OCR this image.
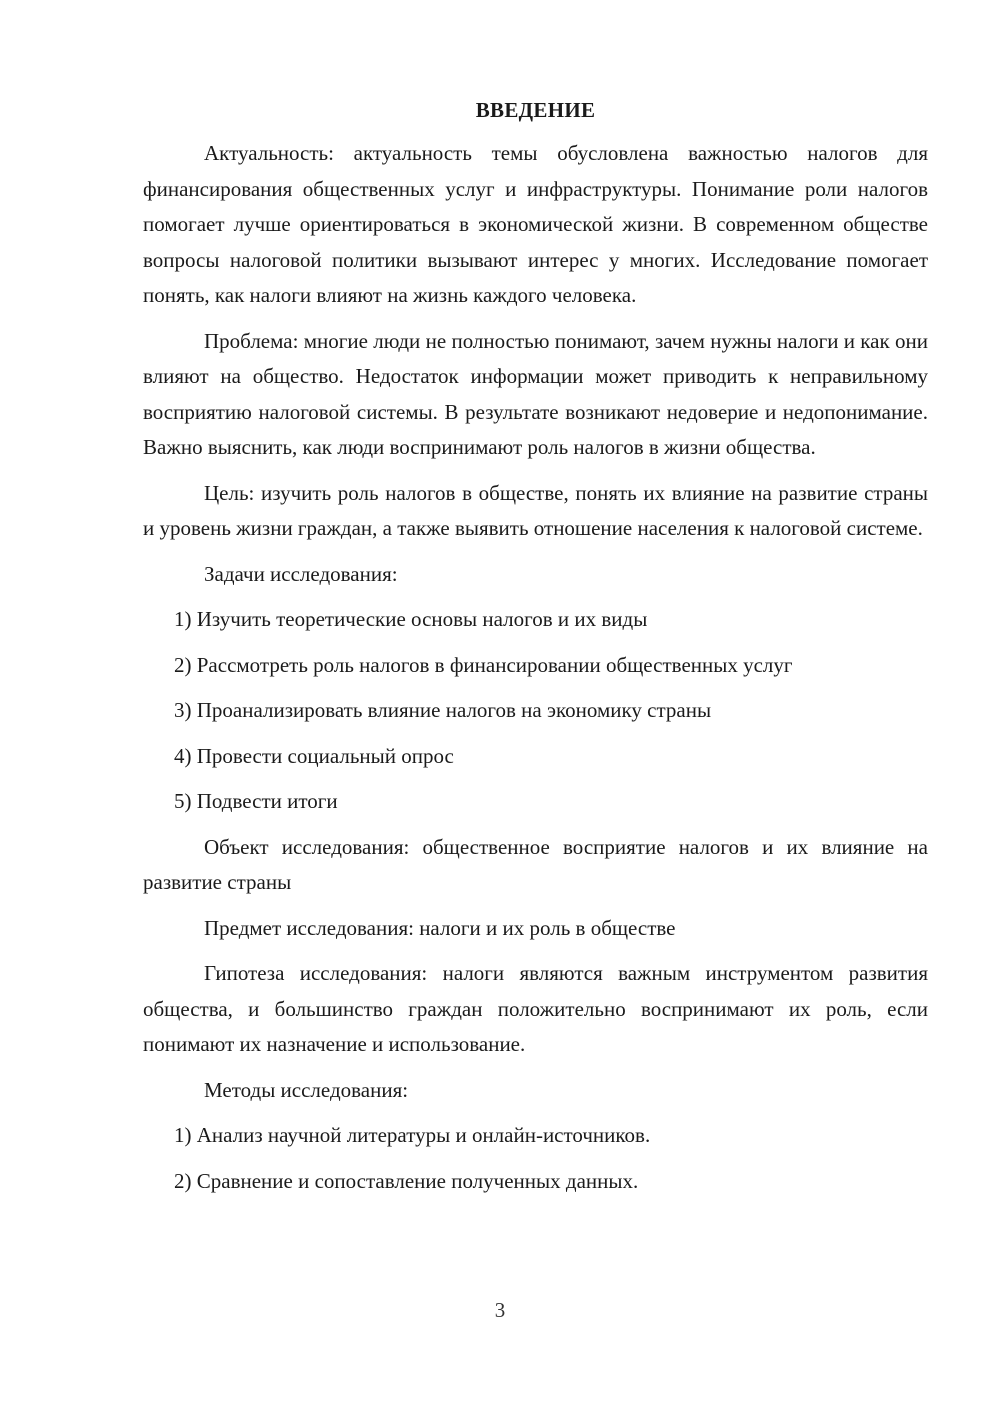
ВВЕДЕНИЕ

Актуальность: актуальность темы обусловлена важностью налогов для финансирования общественных услуг и инфраструктуры. Понимание роли налогов помогает лучше ориентироваться в экономической жизни. В современном обществе вопросы налоговой политики вызывают интерес у многих. Исследование помогает понять, как налоги влияют на жизнь каждого человека.

Проблема: многие люди не полностью понимают, зачем нужны налоги и как они влияют на общество. Недостаток информации может приводить к неправильному восприятию налоговой системы. В результате возникают недоверие и недопонимание. Важно выяснить, как люди воспринимают роль налогов в жизни общества.

Цель: изучить роль налогов в обществе, понять их влияние на развитие страны и уровень жизни граждан, а также выявить отношение населения к налоговой системе.

Задачи исследования:

1) Изучить теоретические основы налогов и их виды
2) Рассмотреть роль налогов в финансировании общественных услуг
3) Проанализировать влияние налогов на экономику страны
4) Провести социальный опрос
5) Подвести итоги

Объект исследования: общественное восприятие налогов и их влияние на развитие страны

Предмет исследования: налоги и их роль в обществе

Гипотеза исследования: налоги являются важным инструментом развития общества, и большинство граждан положительно воспринимают их роль, если понимают их назначение и использование.

Методы исследования:

1) Анализ научной литературы и онлайн-источников.
2) Сравнение и сопоставление полученных данных.
3
